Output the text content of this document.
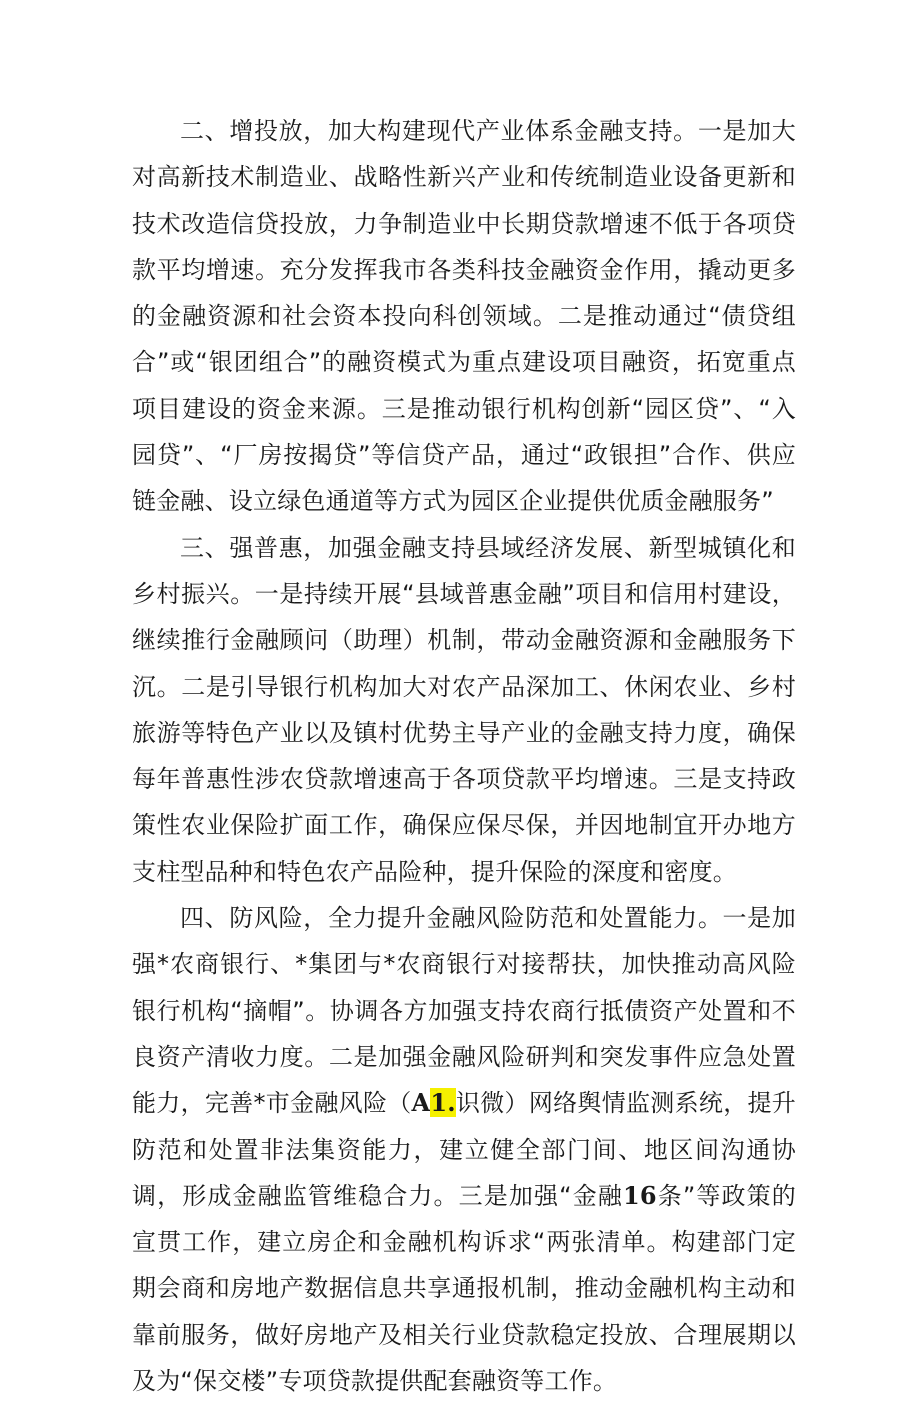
二、增投放，加大构建现代产业体系金融支持。一是加大对高新技术制造业、战略性新兴产业和传统制造业设备更新和技术改造信贷投放，力争制造业中长期贷款增速不低于各项贷款平均增速。充分发挥我市各类科技金融资金作用，撬动更多的金融资源和社会资本投向科创领域。二是推动通过“债贷组合”或“银团组合”的融资模式为重点建设项目融资，拓宽重点项目建设的资金来源。三是推动银行机构创新“园区贷”、“入园贷”、“厂房按揭贷”等信贷产品，通过“政银担”合作、供应链金融、设立绿色通道等方式为园区企业提供优质金融服务”

三、强普惠，加强金融支持县域经济发展、新型城镇化和乡村振兴。一是持续开展“县域普惠金融”项目和信用村建设，继续推行金融顾问（助理）机制，带动金融资源和金融服务下沉。二是引导银行机构加大对农产品深加工、休闲农业、乡村旅游等特色产业以及镇村优势主导产业的金融支持力度，确保每年普惠性涉农贷款增速高于各项贷款平均增速。三是支持政策性农业保险扩面工作，确保应保尽保，并因地制宜开办地方支柱型品种和特色农产品险种，提升保险的深度和密度。

四、防风险，全力提升金融风险防范和处置能力。一是加强*农商银行、*集团与*农商银行对接帮扶，加快推动高风险银行机构“摘帽”。协调各方加强支持农商行抵债资产处置和不良资产清收力度。二是加强金融风险研判和突发事件应急处置能力，完善*市金融风险（A1.识微）网络舆情监测系统，提升防范和处置非法集资能力，建立健全部门间、地区间沟通协调，形成金融监管维稳合力。三是加强“金融16条”等政策的宣贯工作，建立房企和金融机构诉求“两张清单。构建部门定期会商和房地产数据信息共享通报机制，推动金融机构主动和靠前服务，做好房地产及相关行业贷款稳定投放、合理展期以及为“保交楼”专项贷款提供配套融资等工作。
